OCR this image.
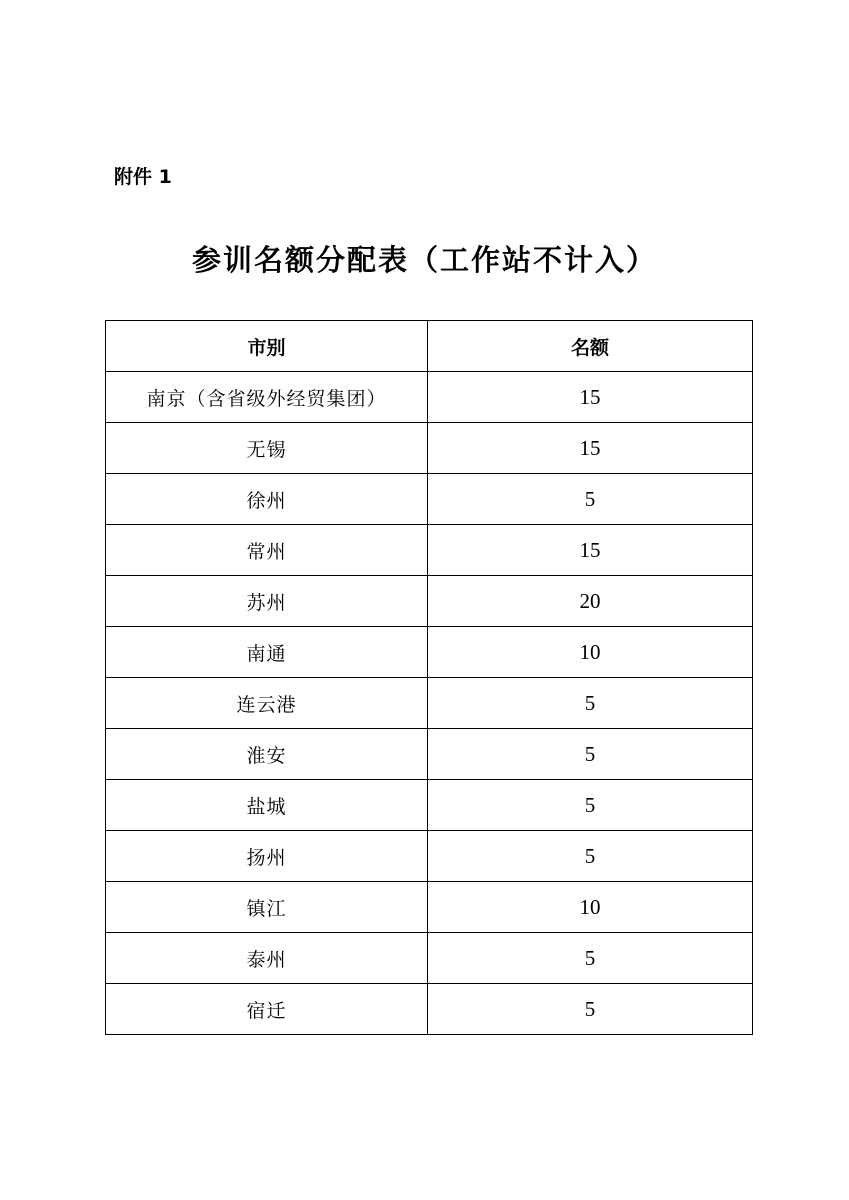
附件 1
参训名额分配表（工作站不计入）
市别	名额
南京（含省级外经贸集团）	15
无锡	15
徐州	5
常州	15
苏州	20
南通	10
连云港	5
淮安	5
盐城	5
扬州	5
镇江	10
泰州	5
宿迁	5
